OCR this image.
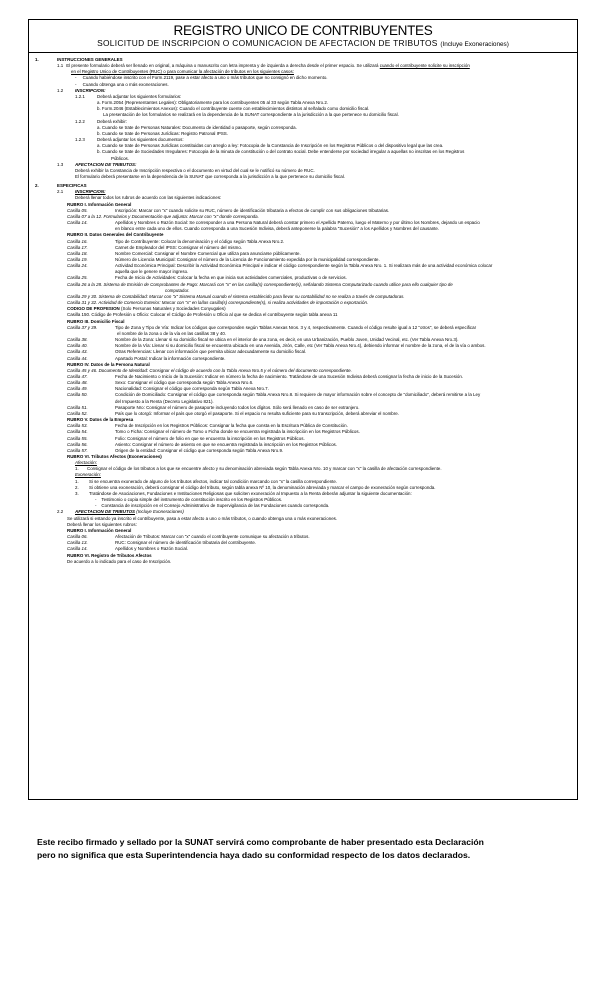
REGISTRO UNICO DE CONTRIBUYENTES
SOLICITUD DE INSCRIPCION O COMUNICACION DE AFECTACION DE TRIBUTOS (Incluye Exoneraciones)
1.	INSTRUCCIONES GENERALES
1.1 El presente formulario deberá ser llenado en original, a máquina o manuscrito con letra imprenta y de izquierda a derecha desde el primer espacio. Se utilizará cuando el contribuyente solicite su inscripción
en el Registro Unico de Contribuyentes (RUC) o para comunicar la afectación de tributos en los siguientes casos:
-     Cuando habiéndose inscrito con el Form.2119, pase a estar afecto a uno o más tributos que no consignó en dicho momento.
-     Cuando obtenga una o más exoneraciones.
1.2	INSCRIPCION:
1.2.1	Deberá adjuntar los siguientes formularios:
a. Form.2054 (Representantes Legales): Obligatoriamente para los contribuyentes 05 al 33 según Tabla Anexa Nro.2.
b. Form.2046 (Establecimientos Anexos): Cuando el contribuyente cuente con establecimientos distintos al señalado como domicilio fiscal.
La presentación de los formularios se realizará en la dependencia de la SUNAT correspondiente a la jurisdicción a la que pertenece su domicilio fiscal.
1.2.2	Deberá exhibir:
a. Cuando se trate de Personas Naturales: Documento de identidad o pasaporte, según corresponda.
b. Cuando se trate de Personas Jurídicas: Registro Patronal IPSS.
1.2.3	Deberá adjuntar los siguientes documentos:
a. Cuando se trate de Personas Jurídicas constituidas con arreglo a ley: Fotocopia de la Constancia de Inscripción en los Registros Públicos o del dispositivo legal que las crea.
b. Cuando se trate de Sociedades Irregulares: Fotocopia de la minuta de constitución o del contrato social. Debe entenderse por sociedad irregular a aquellas no inscritas en los Registros
Públicos.
1.3	AFECTACION DE TRIBUTOS:
Deberá exhibir la Constancia de Inscripción respectiva o el documento en virtud del cual se le notificó su número de RUC.
El formulario deberá presentarse en la dependencia de la SUNAT que corresponda a la jurisdicción a la que pertenece su domicilio fiscal.
2.	ESPECIFICAS
2.1	INSCRIPCION:
Deberá llenar todos los rubros de acuerdo con las siguientes indicaciones:
RUBRO I. Información General
Casilla 05.	Inscripción: Marcar con "x" cuando solicite su RUC, número de identificación tributaria a efectos de cumplir con sus obligaciones tributarias.
Casilla 07 a la 12. Formularios y Documentación que adjunta: Marcar con "x" donde corresponda.
Casilla 14.	Apellidos y Nombres o Razón Social: Se corresponder a una Persona Natural deberá constar primero el Apellido Paterno, luego el Materno y por último los Nombres, dejando un espacio
en blanco entre cada uno de ellos. Cuando corresponda a una Sucesión Indivisa, deberá anteponerse la palabra "Sucesión" a los Apellidos y Nombres del causante.
RUBRO II. Datos Generales del Contribuyente
Casilla 16.	Tipo de Contribuyente: Colocar la denominación y el código según Tabla Anexa Nro.2.
Casilla 17.	Carnet de Empleador del IPSS: Consignar el número del mismo.
Casilla 18.	Nombre Comercial: Consignar el Nombre Comercial que utiliza para anunciarse públicamente.
Casilla 19.	Número de Licencia Municipal: Consignar el número de la Licencia de Funcionamiento expedida por la municipalidad correspondiente.
Casilla 24.	Actividad Económica Principal: Describir la Actividad Económica Principal e indicar el código correspondiente según la Tabla Anexa Nro. 1. Si realizara más de una actividad económica colocar
aquella que le genere mayor ingreso.
Casilla 25.	Fecha de Inicio de Actividades: Colocar la fecha en que inicia sus actividades comerciales, productivas o de servicios.
Casilla 26 a la 28. Sistema de Emisión de Comprobantes de Pago: Marcará con "x" en las casilla(s) correspondiente(s), señalando Sistema Computarizado cuando utilice para ello cualquier tipo de
computador.
Casilla 29 y 30. Sistema de Contabilidad: Marcar con "x" Sistema Manual cuando el sistema establecido para llevar su contabilidad no se realiza a través de computadoras.
Casilla 31 y 32. Actividad de Comercio Exterior: Marcar con "x" en la/las casilla(s) correspondiente(s), si realiza actividades de importación o exportación.
CODIGO DE PROFESION (Solo Personas Naturales y Sociedades Conyugales)
Casilla 150. Código de Profesión u Oficio: Colocar el Código de Profesión u Oficio al que se dedica el contribuyente según tabla anexa 11
RUBRO III. Domicilio Fiscal
Casilla 37 y 39.	Tipo de Zona y Tipo de Vía: Indicar los códigos que corresponden según Tablas Anexas Nros. 3 y 4, respectivamente. Cuando el código resulte igual a 12 "otros", se deberá especificar
el nombre de la zona o de la vía en las casillas 38 y 40.
Casilla 38.	Nombre de la Zona: Llenar si su domicilio fiscal se ubica en el interior de una zona, es decir, en una Urbanización, Pueblo Joven, Unidad Vecinal, etc. (Ver Tabla Anexa Nro.3).
Casilla 40.	Nombre de la Vía: Llenar si su domicilio fiscal se encuentra ubicado en una Avenida, Jirón, Calle, etc (Ver Tabla Anexa Nro.4), debiendo informar el nombre de la zona, el de la vía o ambos.
Casilla 43.	Otras Referencias: Llenar con información que permita ubicar adecuadamente su domicilio fiscal.
Casilla 44.	Apartado Postal: Indicar la información correspondiente.
RUBRO IV. Datos de la Persona Natural
Casilla 45 y 46. Documento de Identidad: Consignar el código de acuerdo con la Tabla Anexa Nro.5 y el número del documento correspondiente.
Casilla 47.	Fecha de Nacimiento o Inicio de la Sucesión: Indicar en número la fecha de nacimiento. Tratándose de una Sucesión Indivisa deberá consignar la fecha de inicio de la Sucesión.
Casilla 48.	Sexo: Consignar el código que corresponda según Tabla Anexa Nro.6.
Casilla 49.	Nacionalidad: Consignar el código que corresponda según Tabla Anexa Nro.7.
Casilla 50.	Condición de Domiciliado: Consignar el código que corresponda según Tabla Anexa Nro.8. Si requiere de mayor información sobre el concepto de "domiciliado", deberá remitirse a la Ley
del Impuesto a la Renta (Decreto Legislativo 821).
Casilla 51.	Pasaporte Nro: Consignar el número de pasaporte incluyendo todos los dígitos. Sólo será llenado en caso de ser extranjero.
Casilla 52.	País que lo otorgó: Informar el país que otorgó el pasaporte. Si el espacio no resulta suficiente para su transcripción, deberá abreviar el nombre.
RUBRO V. Datos de la Empresa
Casilla 53.	Fecha de Inscripción en los Registros Públicos: Consignar la fecha que consta en la Escritura Pública de Constitución.
Casilla 54.	Tomo o Ficha: Consignar el número de Tomo o Ficha donde se encuentra registrada la inscripción en los Registros Públicos.
Casilla 55.	Folio: Consignar el número de folio en que se encuentra la inscripción en los Registros Públicos.
Casilla 56.	Asiento: Consignar el número de asiento en que se encuentra registrada la inscripción en los Registros Públicos.
Casilla 57.	Origen de la entidad: Consignar el código que corresponda según Tabla Anexa Nro.9.
RUBRO VI. Tributos Afectos (Exoneraciones)
Afectación:
1. Consignar el código de los tributos a los que se encuentre afecto y su denominación abreviada según Tabla Anexa Nro. 10 y marcar con "x" la casilla de afectación correspondiente.
Exoneración:
1. Si se encuentra exonerado de alguno de los tributos afectos, indicar tal condición marcando con "x" la casilla correspondiente.
2. Si obtiene una exoneración, deberá consignar el código del tributo, según tabla anexa Nº 10, la denominación abreviada y marcar el campo de exoneración según corresponda.
3. Tratándose de Asociaciones, Fundaciones e Instituciones Religiosas que soliciten exoneración al Impuesto a la Renta deberán adjuntar la siguiente documentación:
-    Testimonio o copia simple del instrumento de constitución inscrito en los Registros Públicos.
-    Constancia de inscripción en el Consejo Administrativo de Supervigilancia de las Fundaciones cuando corresponda.
2.2	AFECTACION DE TRIBUTOS (Incluye Exoneraciones)
Se utilizará si estando ya inscrito el contribuyente, pasa a estar afecto a uno o más tributos, o cuando obtenga una o más exoneraciones.
Deberá llenar los siguientes rubros:
RUBRO I. Información General
Casilla 06.	Afectación de Tributos: Marcar con "x" cuando el contribuyente comunique su afectación a tributos.
Casilla 13.	RUC: Consignar el número de identificación tributaria del contribuyente.
Casilla 14.	Apellidos y Nombres o Razón Social.
RUBRO VI. Registro de Tributos Afectos
De acuerdo a lo indicado para el caso de Inscripción.
Este recibo firmado y sellado por la SUNAT servirá como comprobante de haber presentado esta Declaración
pero no significa que esta Superintendencia haya dado su conformidad respecto de los datos declarados.
